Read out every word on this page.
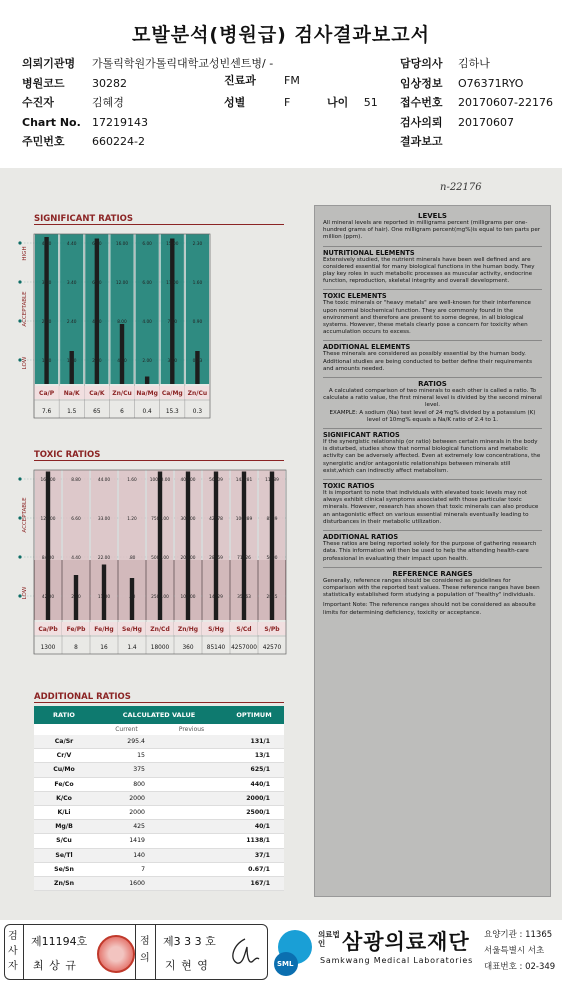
모발분석(병원급) 검사결과보고서
의뢰기관명	가톨릭학원가톨릭대학교성빈센트병/ -
병원코드	30282
수진자	김혜경
Chart No.	17219143
주민번호	660224-2
진료과	FM
성별	F	나이 51
담당의사	김하나
임상정보	O76371RYO
접수번호	20170607-22176
검사의뢰	20170607
결과보고
n-22176
SIGNIFICANT RATIOS
HIGH
ACCEPTABLE
LOW
4.00
3.00
2.60
1.50
Ca/P
7.6
4.40
3.40
2.40
1.40
Na/K
1.5
6.20
6.20
4.20
2.20
Ca/K
65
16.00
12.00
8.00
4.00
Zn/Cu
6
6.00
6.00
4.00
2.00
Na/Mg
0.4
15.00
11.00
7.00
3.00
Ca/Mg
15.3
2.30
1.60
0.90
0.23
Zn/Cu
0.3
TOXIC RATIOS
ACCEPTABLE
LOW
168.00
126.00
84.00
42.00
Ca/Pb
1300
8.80
6.60
4.40
2.20
Fe/Pb
8
44.00
33.00
22.00
11.00
Fe/Hg
16
1.60
1.20
.80
.40
Se/Hg
1.4
10000.00
7500.00
5000.00
2500.00
Zn/Cd
18000
400.00
300.00
200.00
100.00
Zn/Hg
360
56909
42678
28459
14229
S/Hg
85140
142281
106889
71126
35563
S/Cd
4257000
11389
8539
5690
2845
S/Pb
42570
ADDITIONAL RATIOS
RATIO	CALCULATED VALUE	OPTIMUM
Current	Previous
Ca/Sr	295.4	131/1
Cr/V	15	13/1
Cu/Mo	375	625/1
Fe/Co	800	440/1
K/Co	2000	2000/1
K/Li	2000	2500/1
Mg/B	425	40/1
S/Cu	1419	1138/1
Se/Tl	140	37/1
Se/Sn	7	0.67/1
Zn/Sn	1600	167/1
LEVELS

All mineral levels are reported in milligrams percent (milligrams per one-hundred grams of hair). One milligram percent(mg%)is equal to ten parts per million (ppm).

NUTRITIONAL ELEMENTS

Extensively studied, the nutrient minerals have been well defined and are considered essential for many biological functions in the human body. They play key roles in such metabolic processes as muscular activity, endocrine function, reproduction, skeletal integrity and overall development.

TOXIC ELEMENTS

The toxic minerals or "heavy metals" are well-known for their interference upon normal biochemical function. They are commonly found in the environment and therefore are present to some degree, in all biological systems. However, these metals clearly pose a concern for toxicity when accumulation occurs to excess.

ADDITIONAL ELEMENTS

These minerals are considered as possibly essential by the human body. Additional studies are being conducted to better define their requirements and amounts needed.

RATIOS

A calculated comparison of two minerals to each other is called a ratio. To calculate a ratio value, the first mineral level is divided by the second mineral level.

EXAMPLE: A sodium (Na) test level of 24 mg% divided by a potassium (K) level of 10mg% equals a Na/K ratio of 2.4 to 1.

SIGNIFICANT RATIOS

If the synergistic relationship (or ratio) between certain minerals in the body is disturbed, studies show that normal biological functions and metabolic activity can be adversely affected. Even at extremely low concentrations, the synergistic and/or antagonistic relationships between minerals still exist,which can indirectly affect metabolism.

TOXIC RATIOS

It is important to note that individuals with elevated toxic levels may not always exhibit clinical symptoms associated with those particular toxic minerals. However, research has shown that toxic minerals can also produce an antagonistic effect on various essential minerals eventually leading to disturbances in their metabolic utilization.

ADDITIONAL RATIOS

These ratios are being reported solely for the purpose of gathering research data. This information will then be used to help the attending health-care professional in evaluating their impact upon health.

REFERENCE RANGES

Generally, reference ranges should be considered as guidelines for comparison with the reported test values. These reference ranges have been statistically established form studying a population of "healthy" individuals.

Important Note: The reference ranges should not be considered as absoulte limits for determining deficiency, toxicity or acceptance.

검사자
제11194호
최 상 규
점의
제3 3 3 호
지 현 영	SML
의료법인 삼광의료재단
Samkwang Medical Laboratories
요양기관 : 11365
서울특별시 서초
대표번호 : 02-349
